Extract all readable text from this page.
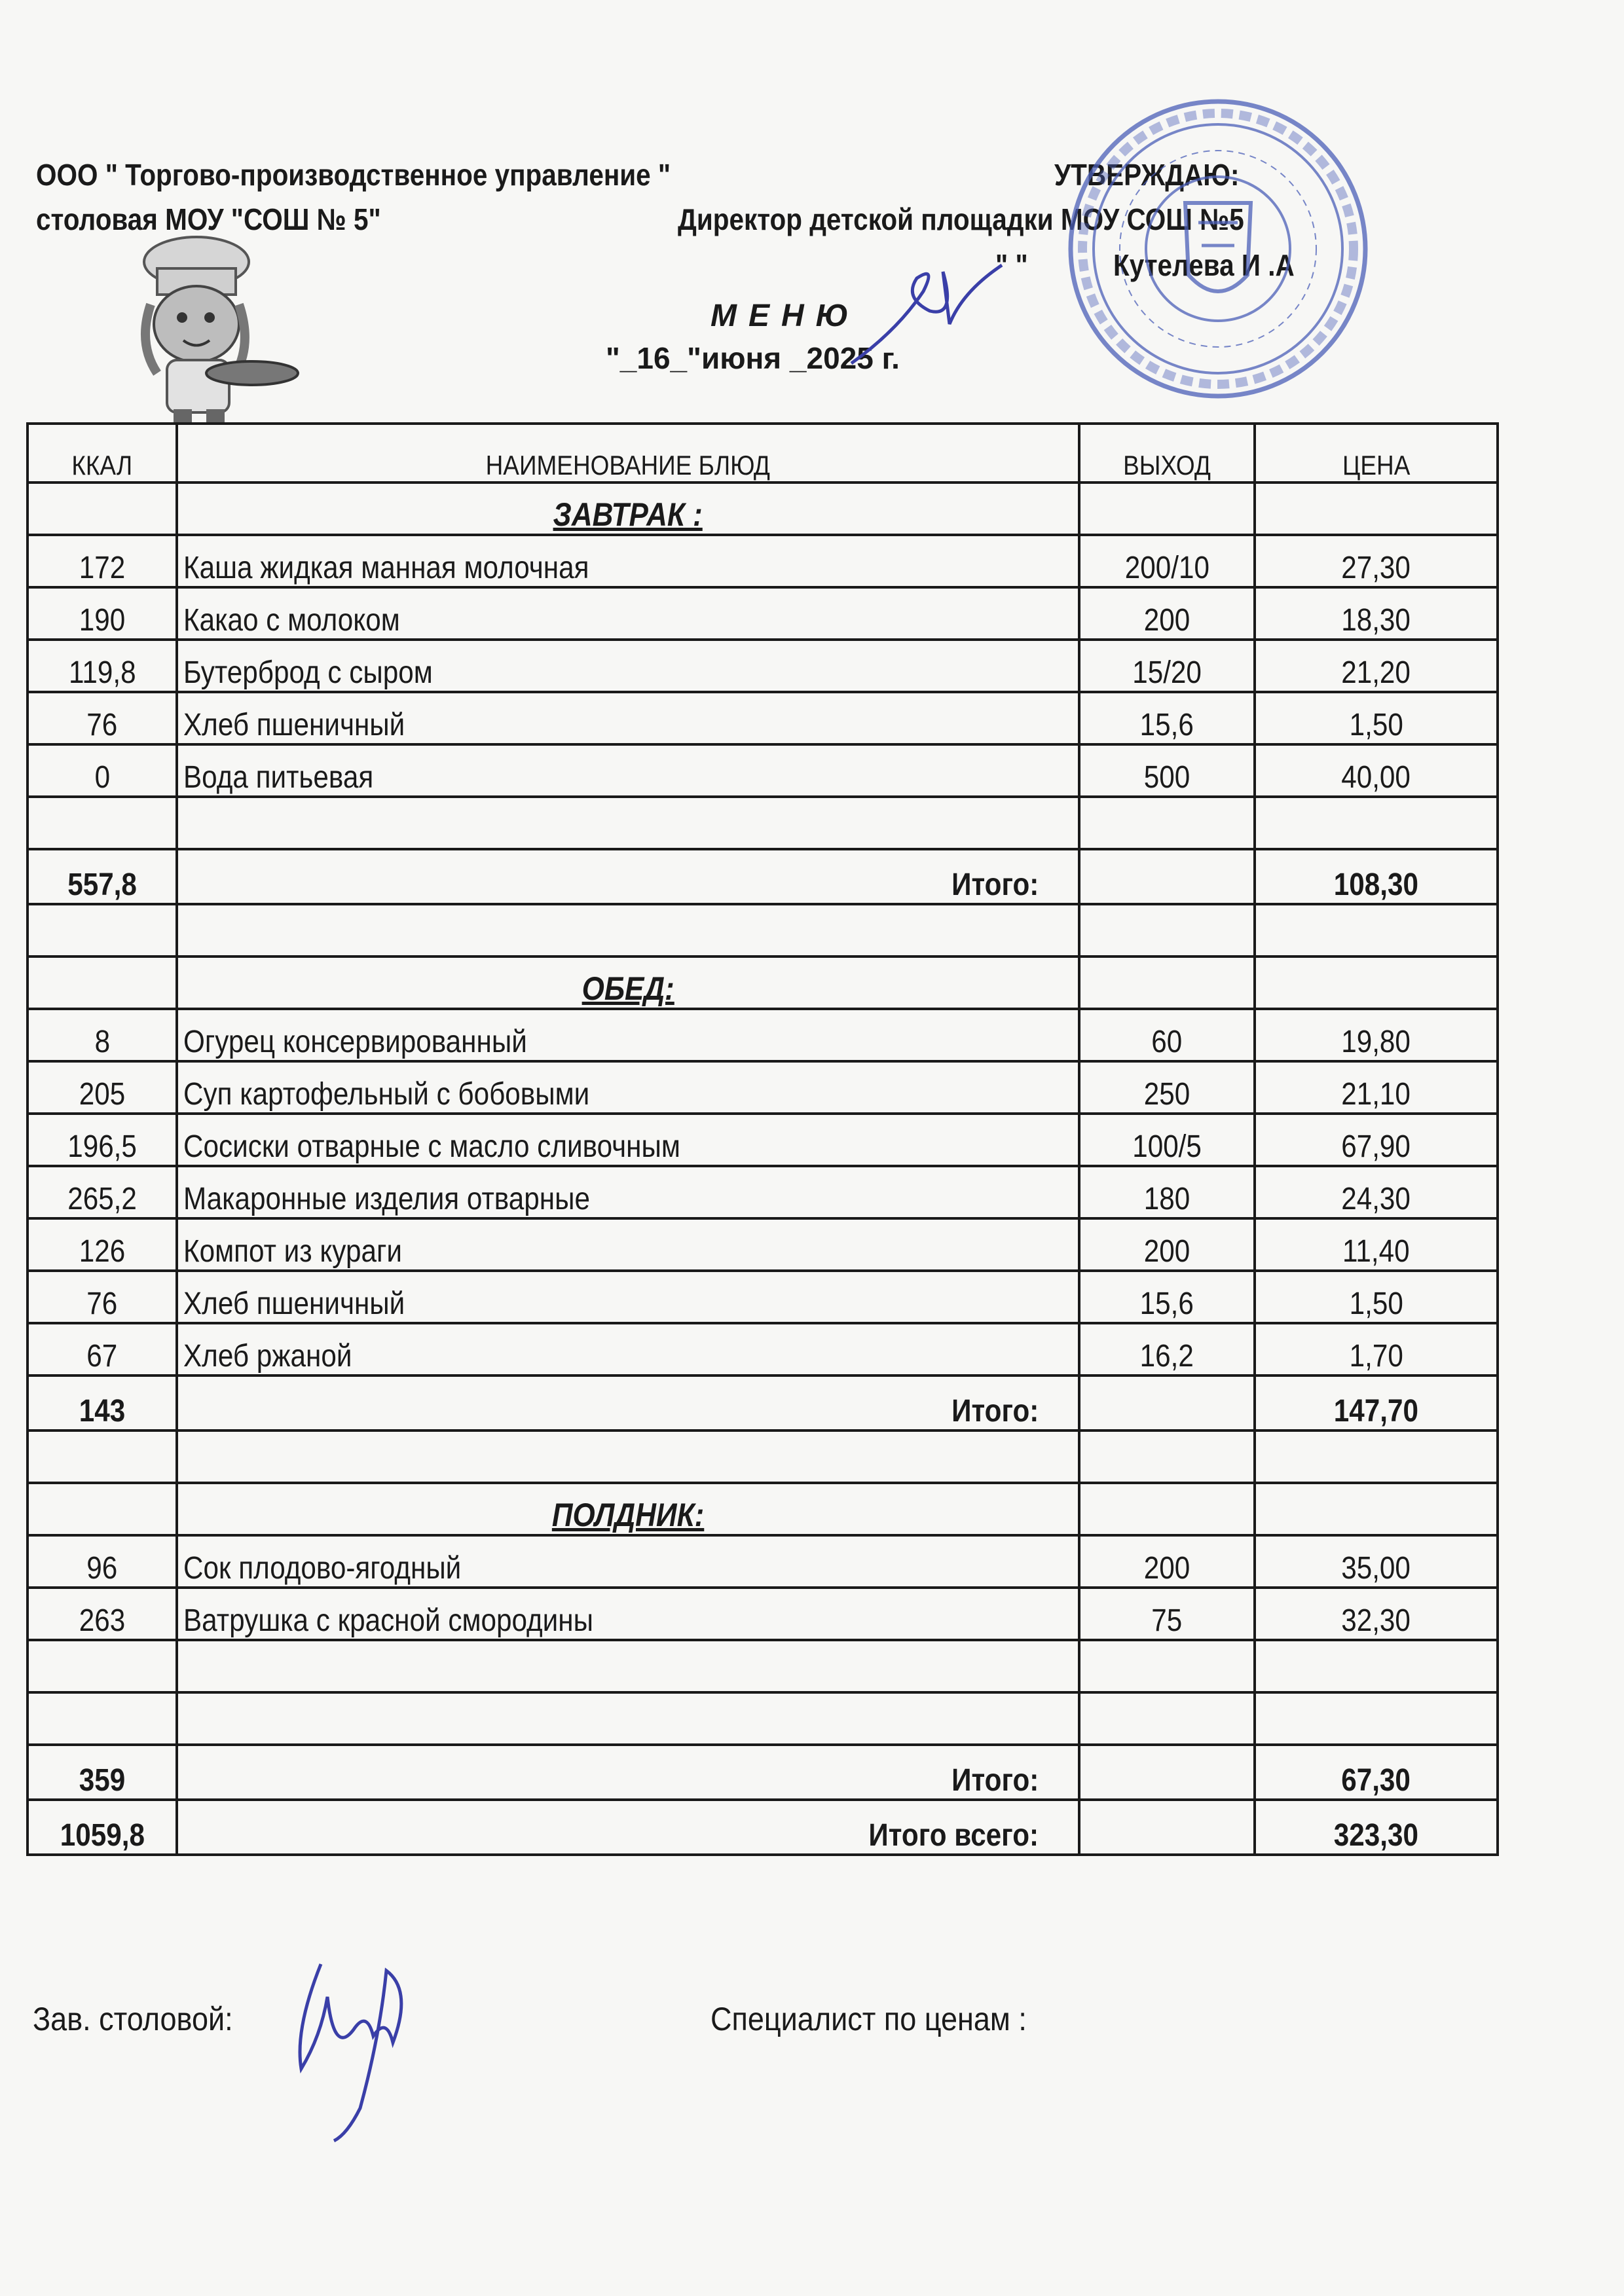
ООО " Торгово-производственное управление "
столовая МОУ "СОШ № 5"
УТВЕРЖДАЮ:
Директор детской площадки МОУ СОШ №5
" "	Кутелева И .А
МЕНЮ
"_16_"июня _2025 г.
ККАЛ	НАИМЕНОВАНИЕ БЛЮД	ВЫХОД	ЦЕНА
	ЗАВТРАК :		
172	Каша жидкая манная молочная	200/10	27,30
190	Какао с молоком	200	18,30
119,8	Бутерброд с сыром	15/20	21,20
76	Хлеб пшеничный	15,6	1,50
0	Вода питьевая	500	40,00

557,8	Итого:		108,30

	ОБЕД:		
8	Огурец консервированный	60	19,80
205	Суп картофельный с бобовыми	250	21,10
196,5	Сосиски отварные с масло сливочным	100/5	67,90
265,2	Макаронные изделия отварные	180	24,30
126	Компот из кураги	200	11,40
76	Хлеб пшеничный	15,6	1,50
67	Хлеб ржаной	16,2	1,70
143	Итого:		147,70

	ПОЛДНИК:		
96	Сок плодово-ягодный	200	35,00
263	Ватрушка с красной смородины	75	32,30

359	Итого:		67,30
1059,8	Итого всего:		323,30
Зав. столовой:	Специалист по ценам :
